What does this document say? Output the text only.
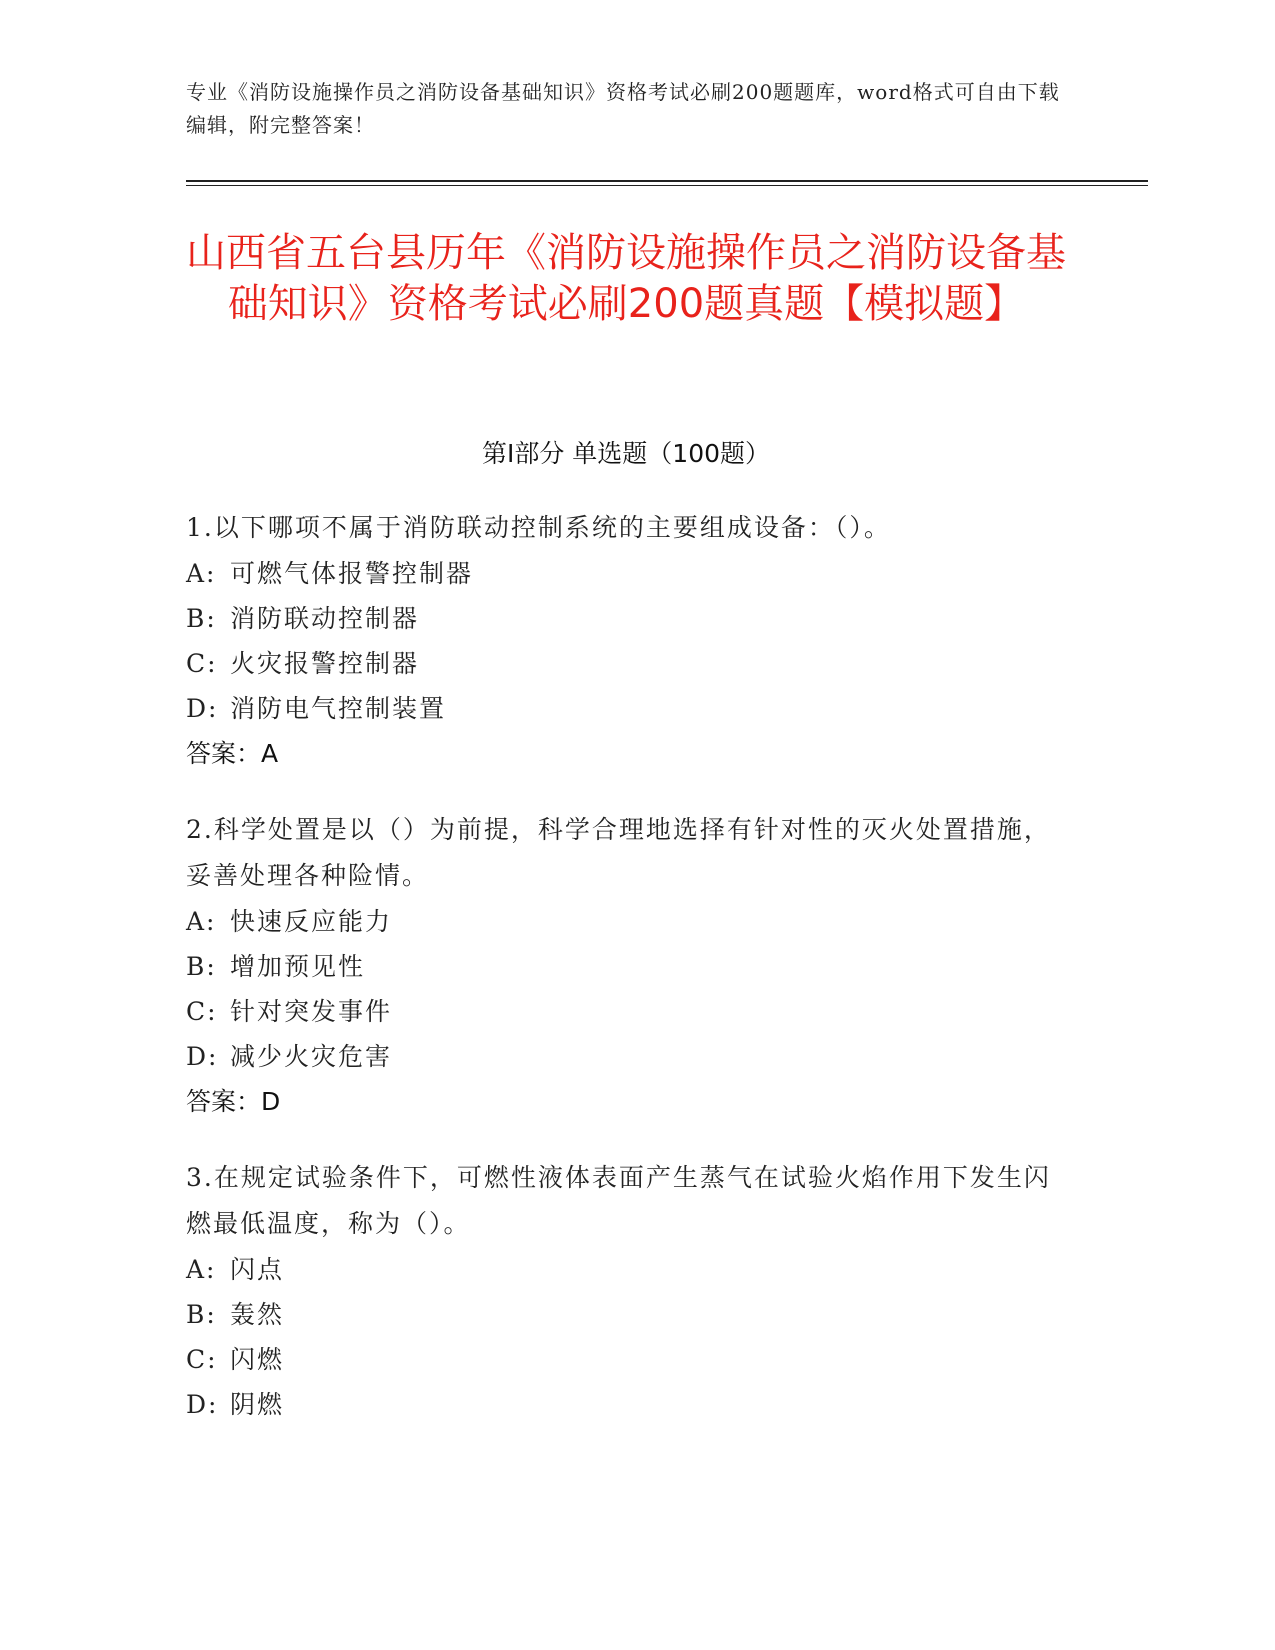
专业《消防设施操作员之消防设备基础知识》资格考试必刷200题题库，word格式可自由下载编辑，附完整答案！
山西省五台县历年《消防设施操作员之消防设备基础知识》资格考试必刷200题真题【模拟题】
第I部分 单选题（100题）
1.以下哪项不属于消防联动控制系统的主要组成设备：（）。
A: 可燃气体报警控制器
B: 消防联动控制器
C: 火灾报警控制器
D: 消防电气控制装置
答案：A
2.科学处置是以（）为前提，科学合理地选择有针对性的灭火处置措施，妥善处理各种险情。
A: 快速反应能力
B: 增加预见性
C: 针对突发事件
D: 减少火灾危害
答案：D
3.在规定试验条件下，可燃性液体表面产生蒸气在试验火焰作用下发生闪燃最低温度，称为（）。
A: 闪点
B: 轰然
C: 闪燃
D: 阴燃
